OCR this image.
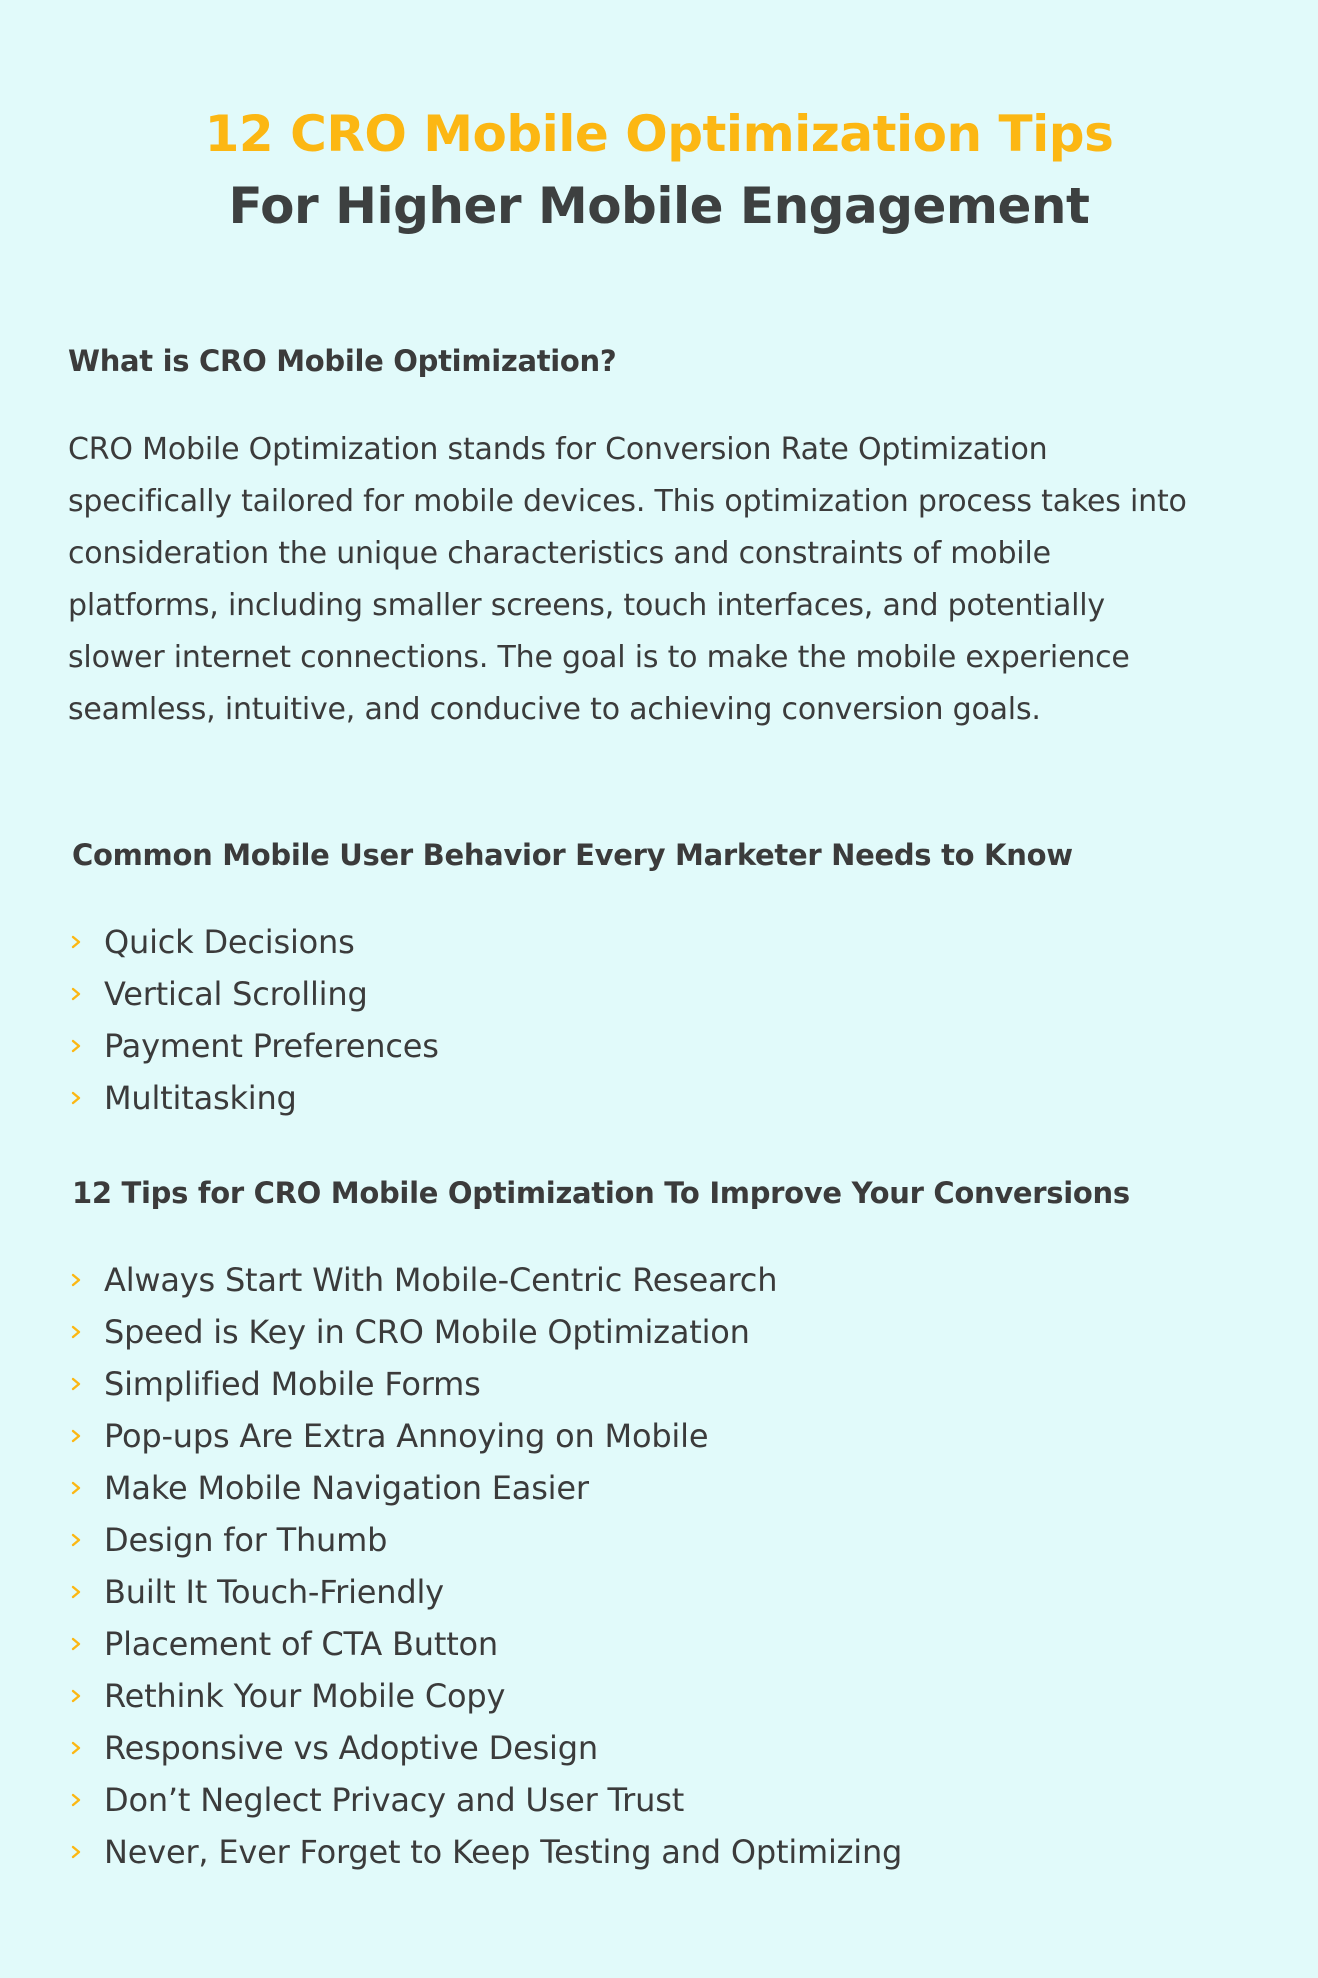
12 CRO Mobile Optimization Tips
For Higher Mobile Engagement
What is CRO Mobile Optimization?
CRO Mobile Optimization stands for Conversion Rate Optimization specifically tailored for mobile devices. This optimization process takes into consideration the unique characteristics and constraints of mobile platforms, including smaller screens, touch interfaces, and potentially slower internet connections. The goal is to make the mobile experience seamless, intuitive, and conducive to achieving conversion goals.
Common Mobile User Behavior Every Marketer Needs to Know
Quick Decisions
Vertical Scrolling
Payment Preferences
Multitasking
12 Tips for CRO Mobile Optimization To Improve Your Conversions
Always Start With Mobile-Centric Research
Speed is Key in CRO Mobile Optimization
Simplified Mobile Forms
Pop-ups Are Extra Annoying on Mobile
Make Mobile Navigation Easier
Design for Thumb
Built It Touch-Friendly
Placement of CTA Button
Rethink Your Mobile Copy
Responsive vs Adoptive Design
Don’t Neglect Privacy and User Trust
Never, Ever Forget to Keep Testing and Optimizing
